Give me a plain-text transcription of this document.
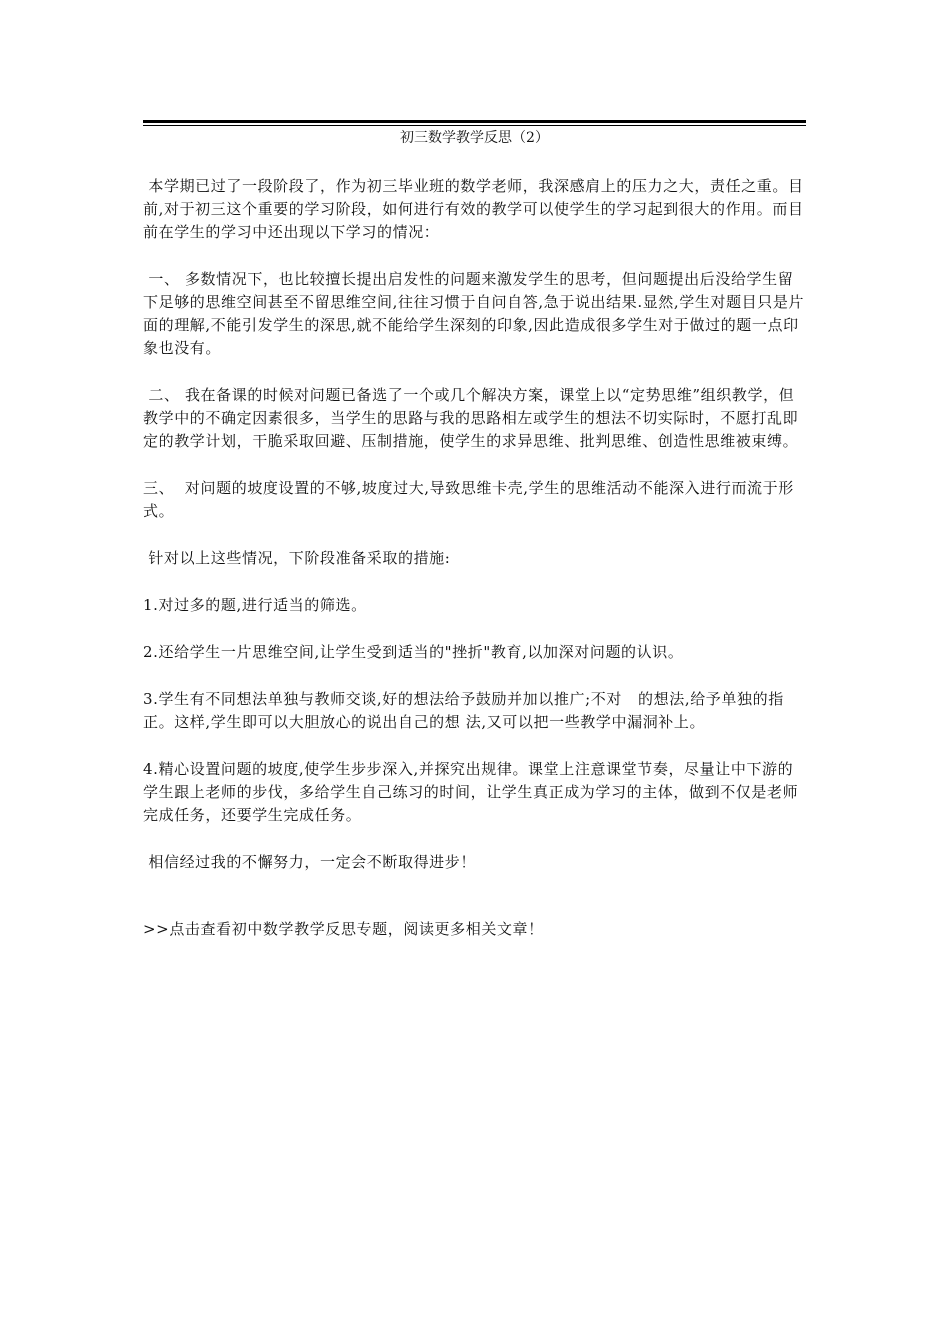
初三数学教学反思（2）

本学期已过了一段阶段了，作为初三毕业班的数学老师，我深感肩上的压力之大，责任之重。目前,对于初三这个重要的学习阶段，如何进行有效的教学可以使学生的学习起到很大的作用。而目前在学生的学习中还出现以下学习的情况：

一、 多数情况下，也比较擅长提出启发性的问题来激发学生的思考，但问题提出后没给学生留下足够的思维空间甚至不留思维空间,往往习惯于自问自答,急于说出结果.显然,学生对题目只是片面的理解,不能引发学生的深思,就不能给学生深刻的印象,因此造成很多学生对于做过的题一点印象也没有。

二、 我在备课的时候对问题已备选了一个或几个解决方案，课堂上以“定势思维”组织教学，但教学中的不确定因素很多，当学生的思路与我的思路相左或学生的想法不切实际时，不愿打乱即定的教学计划，干脆采取回避、压制措施，使学生的求异思维、批判思维、创造性思维被束缚。

三、  对问题的坡度设置的不够,坡度过大,导致思维卡壳,学生的思维活动不能深入进行而流于形式。

针对以上这些情况，下阶段准备采取的措施:

1.对过多的题,进行适当的筛选。

2.还给学生一片思维空间,让学生受到适当的"挫折"教育,以加深对问题的认识。

3.学生有不同想法单独与教师交谈,好的想法给予鼓励并加以推广;不对   的想法,给予单独的指正。这样,学生即可以大胆放心的说出自己的想 法,又可以把一些教学中漏洞补上。

4.精心设置问题的坡度,使学生步步深入,并探究出规律。课堂上注意课堂节奏，尽量让中下游的学生跟上老师的步伐，多给学生自己练习的时间，让学生真正成为学习的主体，做到不仅是老师完成任务，还要学生完成任务。

相信经过我的不懈努力，一定会不断取得进步！

>>点击查看初中数学教学反思专题，阅读更多相关文章！
